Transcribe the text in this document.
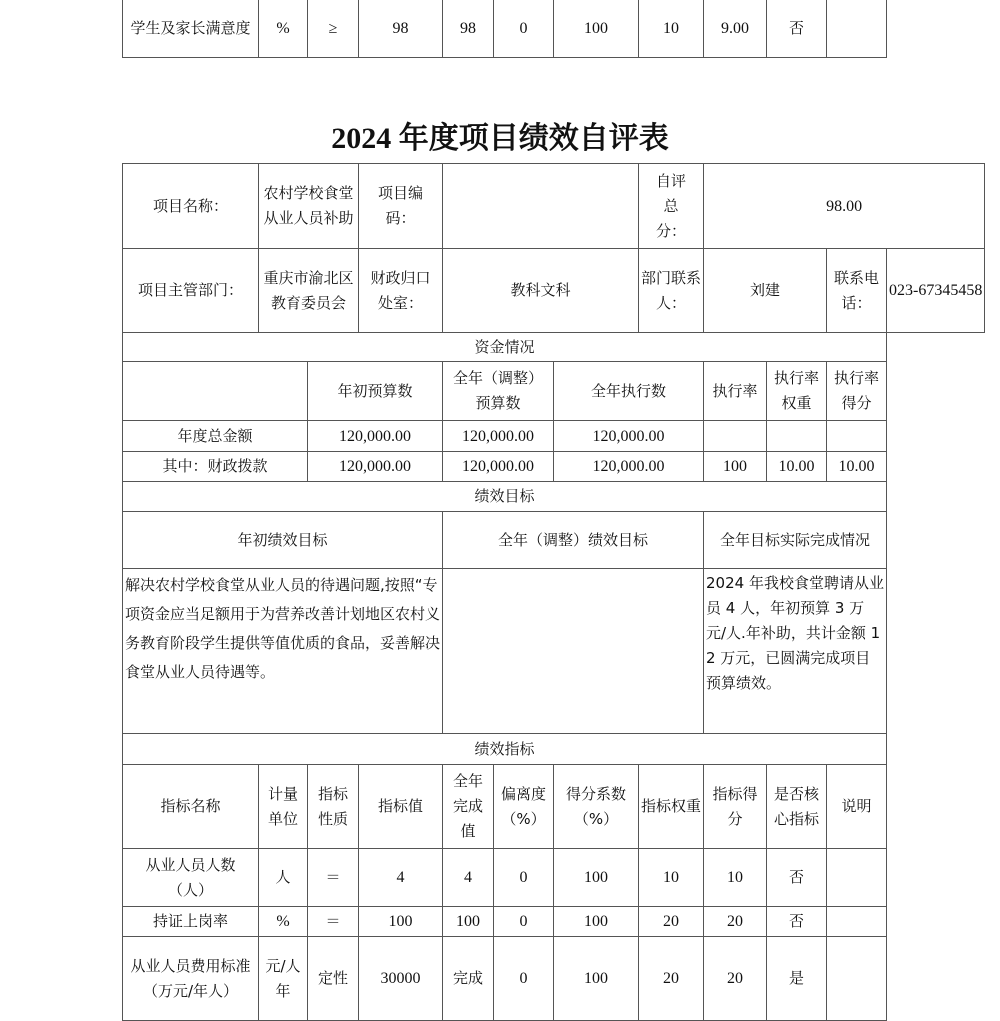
学生及家长满意度	%	≥	98	98	0	100	10	9.00	否	
2024 年度项目绩效自评表
项目名称：	农村学校食堂从业人员补助		项目编码：				自评总分：	98.00			
项目主管部门：	重庆市渝北区教育委员会		财政归口处室：	教科文科			部门联系人：	刘建		联系电话：	023-67345458
资金情况											
		年初预算数		全年（调整）预算数		全年执行数		执行率	执行率权重	执行率得分	
年度总金额		120,000.00		120,000.00		120,000.00					
其中：财政拨款		120,000.00		120,000.00		120,000.00		100	10.00	10.00	
绩效目标											
年初绩效目标				全年（调整）绩效目标				全年目标实际完成情况			
解决农村学校食堂从业人员的待遇问题,按照“专项资金应当足额用于为营养改善计划地区农村义务教育阶段学生提供等值优质的食品，妥善解决食堂从业人员待遇等。								2024 年我校食堂聘请从业员 4 人，年初预算 3 万元/人.年补助，共计金额 12 万元，已圆满完成项目预算绩效。			
绩效指标											
指标名称	计量单位	指标性质	指标值	全年完成值	偏离度（%）	得分系数（%）	指标权重	指标得分	是否核心指标	说明	
从业人员人数（人）	人	＝	4	4	0	100	10	10	否		
持证上岗率	%	＝	100	100	0	100	20	20	否		
从业人员费用标准（万元/年人）	元/人年	定性	30000	完成	0	100	20	20	是		
